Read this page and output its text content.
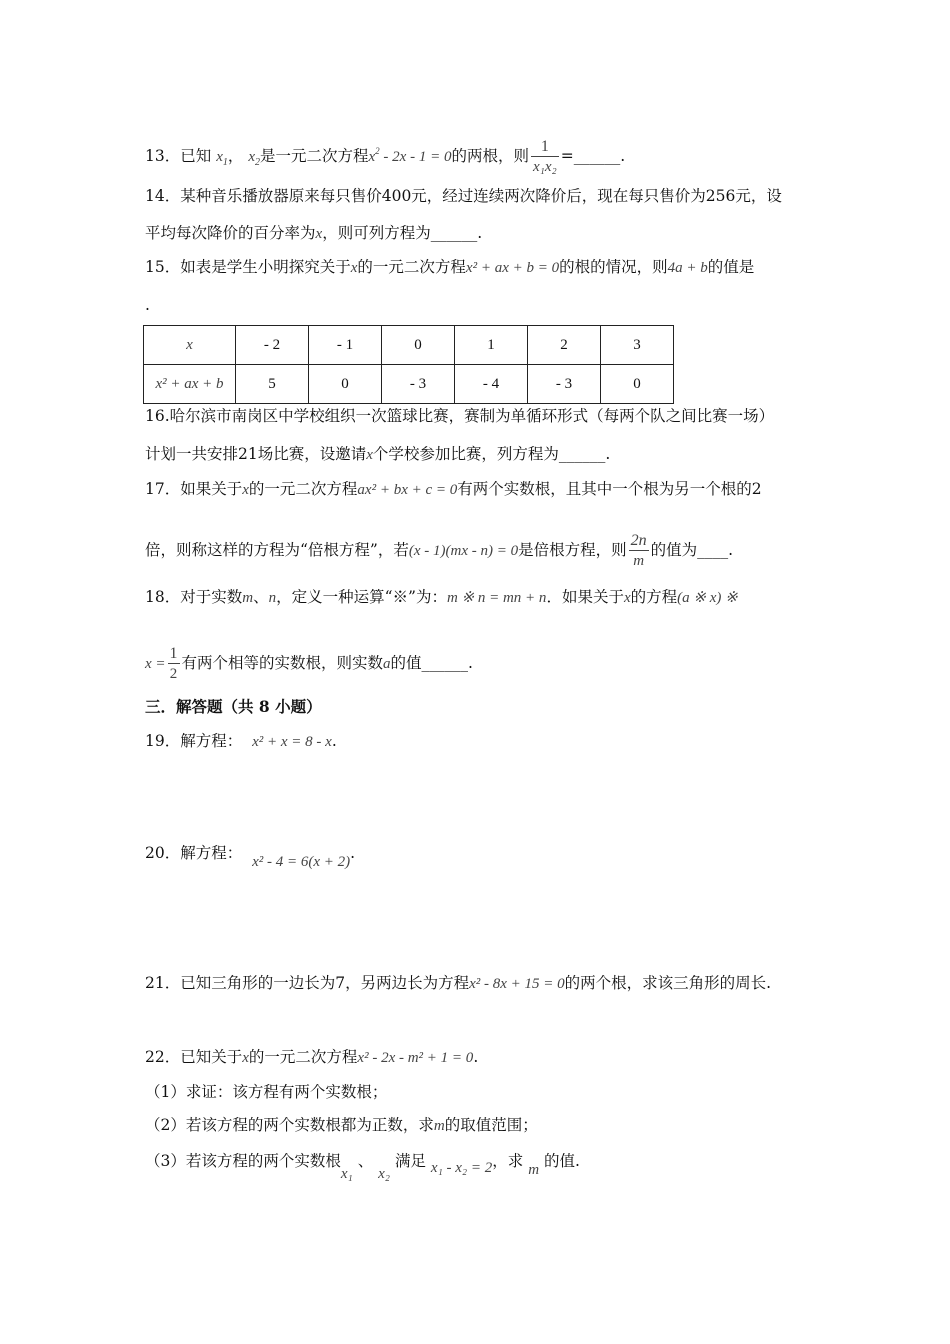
13．已知 $x_1$， $x_2$是一元二次方程$x^2 - 2x - 1 = 0$的两根，则 $\frac{1}{\text{x₁x₂}}$ =______.
14．某种音乐播放器原来每只售价400元，经过连续两次降价后，现在每只售价为256元，设
平均每次降价的百分率为x，则可列方程为______.
15．如表是学生小明探究关于x的一元二次方程x² + ax + b = 0的根的情况，则4a + b的值是
.
x	- 2	- 1	0	1	2	3
x² + ax + b	5	0	- 3	- 4	- 3	0
16.哈尔滨市南岗区中学校组织一次篮球比赛，赛制为单循环形式（每两个队之间比赛一场）
计划一共安排21场比赛，设邀请x个学校参加比赛，列方程为______.
17．如果关于x的一元二次方程ax² + bx + c = 0有两个实数根，且其中一个根为另一个根的2
倍，则称这样的方程为“倍根方程”，若(x - 1)(mx - n) = 0是倍根方程，则 $\frac{2n}{m}$ 的值为____.
18．对于实数m、n，定义一种运算“※”为：m ※ n = mn + n．如果关于x的方程(a ※ x) ※
$x = \frac{1}{2}$ 有两个相等的实数根，则实数a的值______.
三．解答题（共 8 小题）
19．解方程： x² + x = 8 - x.
20．解方程： x² - 4 = 6(x + 2).
21．已知三角形的一边长为7，另两边长为方程x² - 8x + 15 = 0的两个根，求该三角形的周长.
22．已知关于x的一元二次方程x² - 2x - m² + 1 = 0.
（1）求证：该方程有两个实数根；
（2）若该方程的两个实数根都为正数，求m的取值范围；
（3）若该方程的两个实数根x₁ 、 x₂ 满足 x₁ - x₂ = 2，求 m 的值.
